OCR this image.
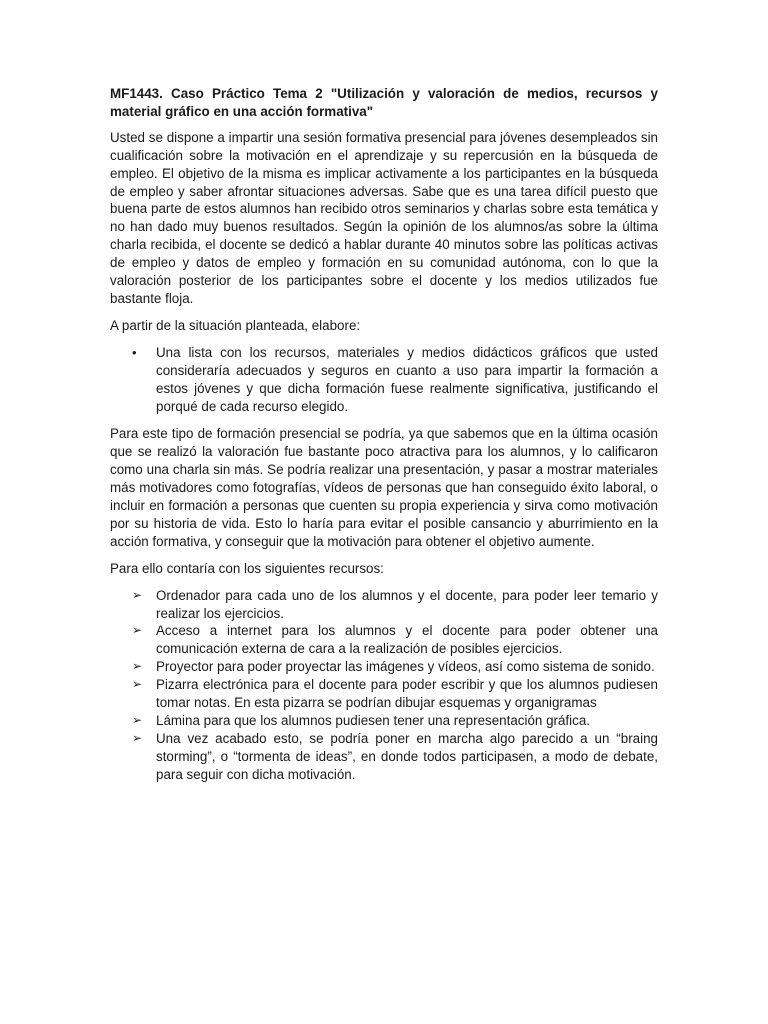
MF1443. Caso Práctico Tema 2 "Utilización y valoración de medios, recursos y material gráfico en una acción formativa"

Usted se dispone a impartir una sesión formativa presencial para jóvenes desempleados sin cualificación sobre la motivación en el aprendizaje y su repercusión en la búsqueda de empleo. El objetivo de la misma es implicar activamente a los participantes en la búsqueda de empleo y saber afrontar situaciones adversas. Sabe que es una tarea difícil puesto que buena parte de estos alumnos han recibido otros seminarios y charlas sobre esta temática y no han dado muy buenos resultados. Según la opinión de los alumnos/as sobre la última charla recibida, el docente se dedicó a hablar durante 40 minutos sobre las políticas activas de empleo y datos de empleo y formación en su comunidad autónoma, con lo que la valoración posterior de los participantes sobre el docente y los medios utilizados fue bastante floja.

A partir de la situación planteada, elabore:

• Una lista con los recursos, materiales y medios didácticos gráficos que usted consideraría adecuados y seguros en cuanto a uso para impartir la formación a estos jóvenes y que dicha formación fuese realmente significativa, justificando el porqué de cada recurso elegido.

Para este tipo de formación presencial se podría, ya que sabemos que en la última ocasión que se realizó la valoración fue bastante poco atractiva para los alumnos, y lo calificaron como una charla sin más. Se podría realizar una presentación, y pasar a mostrar materiales más motivadores como fotografías, vídeos de personas que han conseguido éxito laboral, o incluir en formación a personas que cuenten su propia experiencia y sirva como motivación por su historia de vida. Esto lo haría para evitar el posible cansancio y aburrimiento en la acción formativa, y conseguir que la motivación para obtener el objetivo aumente.

Para ello contaría con los siguientes recursos:

➢ Ordenador para cada uno de los alumnos y el docente, para poder leer temario y realizar los ejercicios.
➢ Acceso a internet para los alumnos y el docente para poder obtener una comunicación externa de cara a la realización de posibles ejercicios.
➢ Proyector para poder proyectar las imágenes y vídeos, así como sistema de sonido.
➢ Pizarra electrónica para el docente para poder escribir y que los alumnos pudiesen tomar notas. En esta pizarra se podrían dibujar esquemas y organigramas
➢ Lámina para que los alumnos pudiesen tener una representación gráfica.
➢ Una vez acabado esto, se podría poner en marcha algo parecido a un “braing storming”, o “tormenta de ideas”, en donde todos participasen, a modo de debate, para seguir con dicha motivación.
